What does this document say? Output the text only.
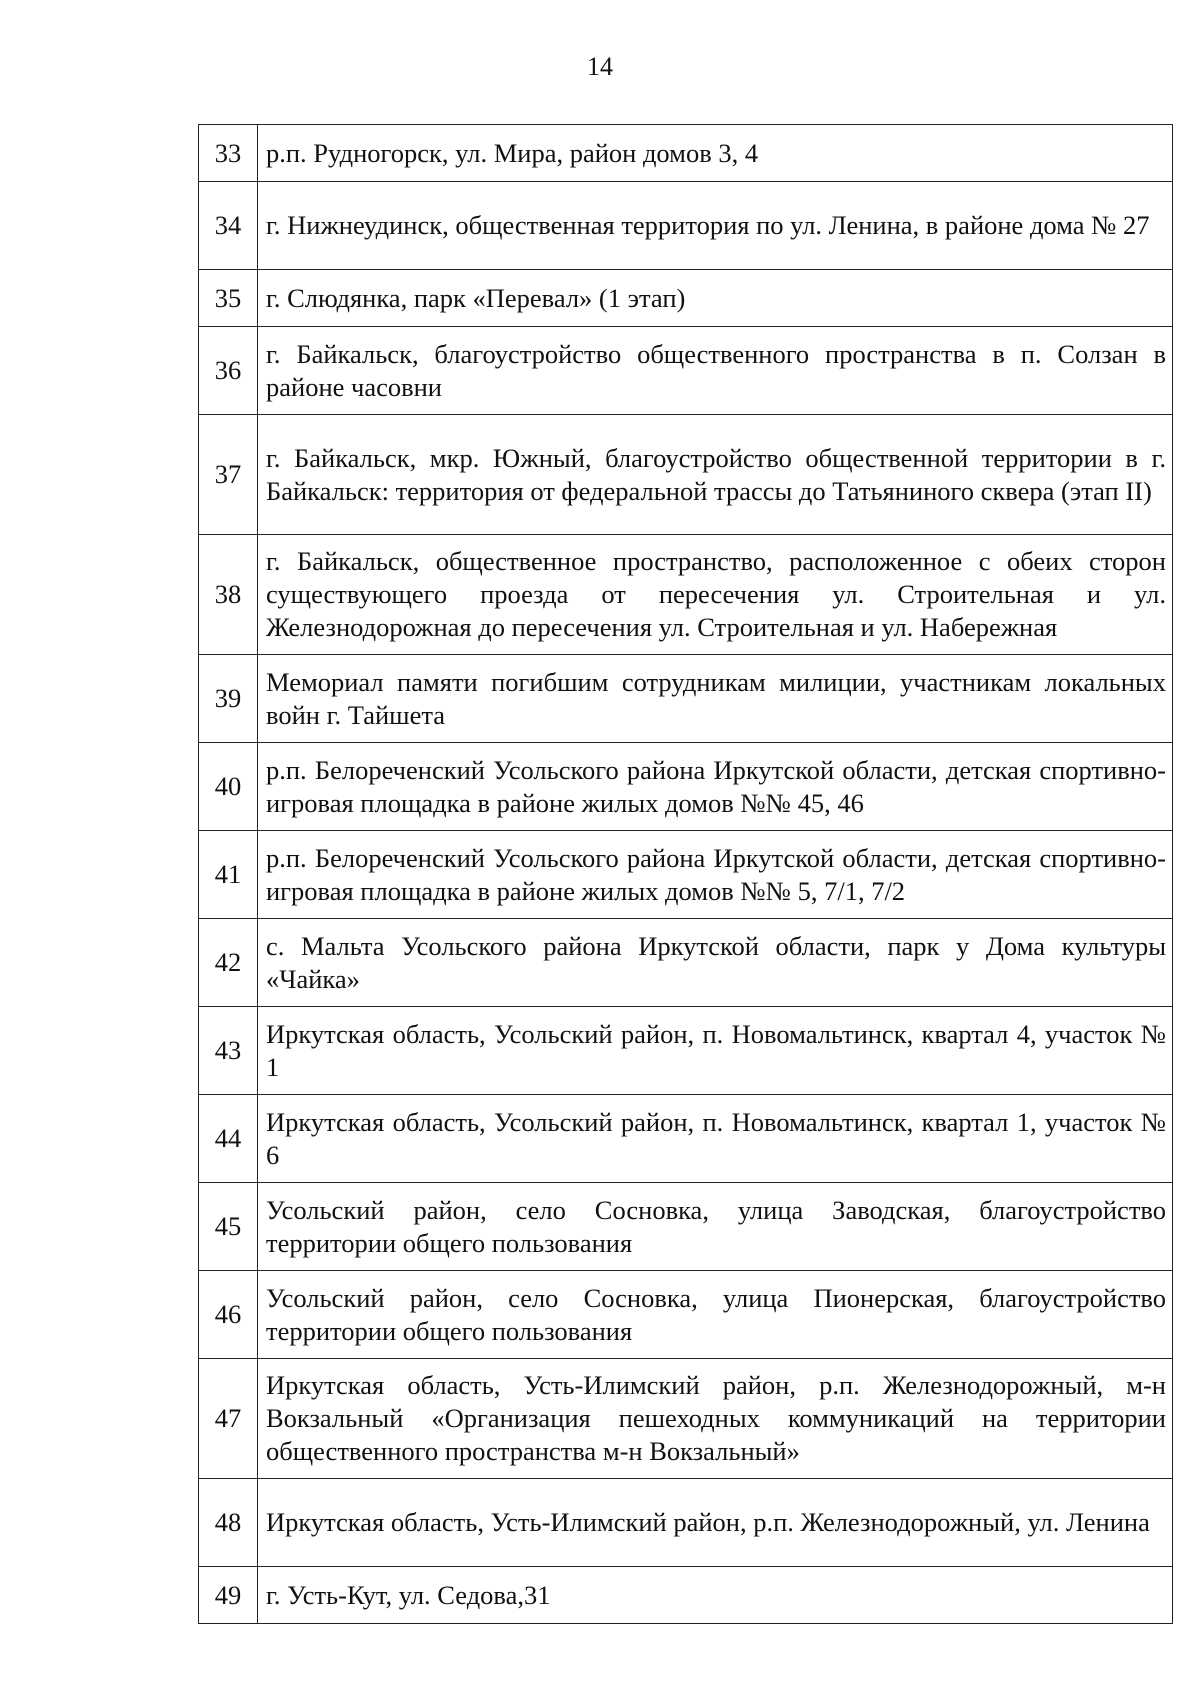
14
33	р.п. Рудногорск, ул. Мира, район домов 3, 4
34	г. Нижнеудинск, общественная территория по ул. Ленина, в районе дома № 27
35	г. Слюдянка, парк «Перевал» (1 этап)
36	г. Байкальск, благоустройство общественного пространства в п. Солзан в районе часовни
37	г. Байкальск, мкр. Южный, благоустройство общественной территории в г. Байкальск: территория от федеральной трассы до Татьяниного сквера (этап II)
38	г. Байкальск, общественное пространство, расположенное с обеих сторон существующего проезда от пересечения ул. Строительная и ул. Железнодорожная до пересечения ул. Строительная и ул. Набережная
39	Мемориал памяти погибшим сотрудникам милиции, участникам локальных войн г. Тайшета
40	р.п. Белореченский Усольского района Иркутской области, детская спортивно-игровая площадка в районе жилых домов №№ 45, 46
41	р.п. Белореченский Усольского района Иркутской области, детская спортивно-игровая площадка в районе жилых домов №№ 5, 7/1, 7/2
42	с. Мальта Усольского района Иркутской области, парк у Дома культуры «Чайка»
43	Иркутская область, Усольский район, п. Новомальтинск, квартал 4, участок № 1
44	Иркутская область, Усольский район, п. Новомальтинск, квартал 1, участок № 6
45	Усольский район, село Сосновка, улица Заводская, благоустройство территории общего пользования
46	Усольский район, село Сосновка, улица Пионерская, благоустройство территории общего пользования
47	Иркутская область, Усть-Илимский район, р.п. Железнодорожный, м-н Вокзальный «Организация пешеходных коммуникаций на территории общественного пространства м-н Вокзальный»
48	Иркутская область, Усть-Илимский район, р.п. Железнодорожный, ул. Ленина
49	г. Усть-Кут, ул. Седова,31
